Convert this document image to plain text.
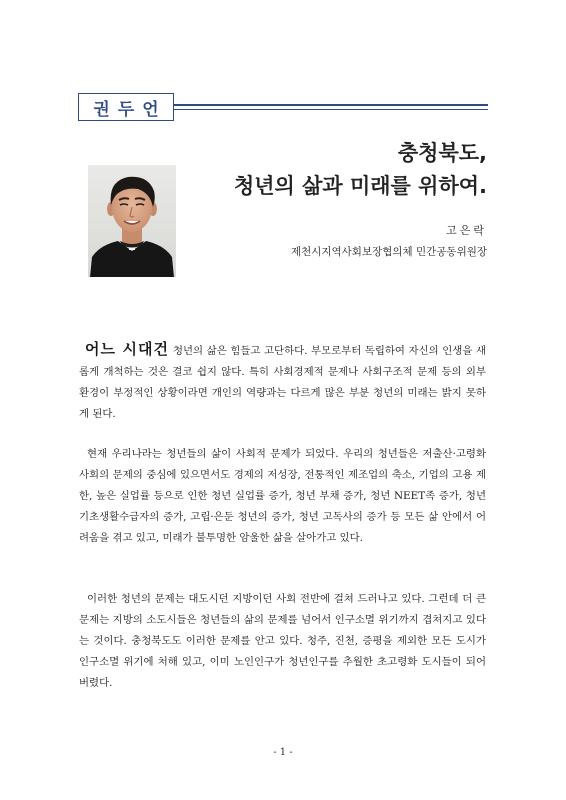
권두언
충청북도,
청년의 삶과 미래를 위하여.
고은락
제천시지역사회보장협의체 민간공동위원장
어느 시대건 청년의 삶은 힘들고 고단하다. 부모로부터 독립하여 자신의 인생을 새롭게 개척하는 것은 결코 쉽지 않다. 특히 사회경제적 문제나 사회구조적 문제 등의 외부 환경이 부정적인 상황이라면 개인의 역량과는 다르게 많은 부분 청년의 미래는 밝지 못하게 된다.
현재 우리나라는 청년들의 삶이 사회적 문제가 되었다. 우리의 청년들은 저출산·고령화 사회의 문제의 중심에 있으면서도 경제의 저성장, 전통적인 제조업의 축소, 기업의 고용 제한, 높은 실업률 등으로 인한 청년 실업률 증가, 청년 부채 증가, 청년 NEET족 증가, 청년 기초생활수급자의 증가, 고립·은둔 청년의 증가, 청년 고독사의 증가 등 모든 삶 안에서 어려움을 겪고 있고, 미래가 불투명한 암울한 삶을 살아가고 있다.
이러한 청년의 문제는 대도시던 지방이던 사회 전반에 걸쳐 드러나고 있다. 그런데 더 큰 문제는 지방의 소도시들은 청년들의 삶의 문제를 넘어서 인구소멸 위기까지 겹쳐지고 있다는 것이다. 충청북도도 이러한 문제를 안고 있다. 청주, 진천, 증평을 제외한 모든 도시가 인구소멸 위기에 처해 있고, 이미 노인인구가 청년인구를 추월한 초고령화 도시들이 되어버렸다.
- 1 -
